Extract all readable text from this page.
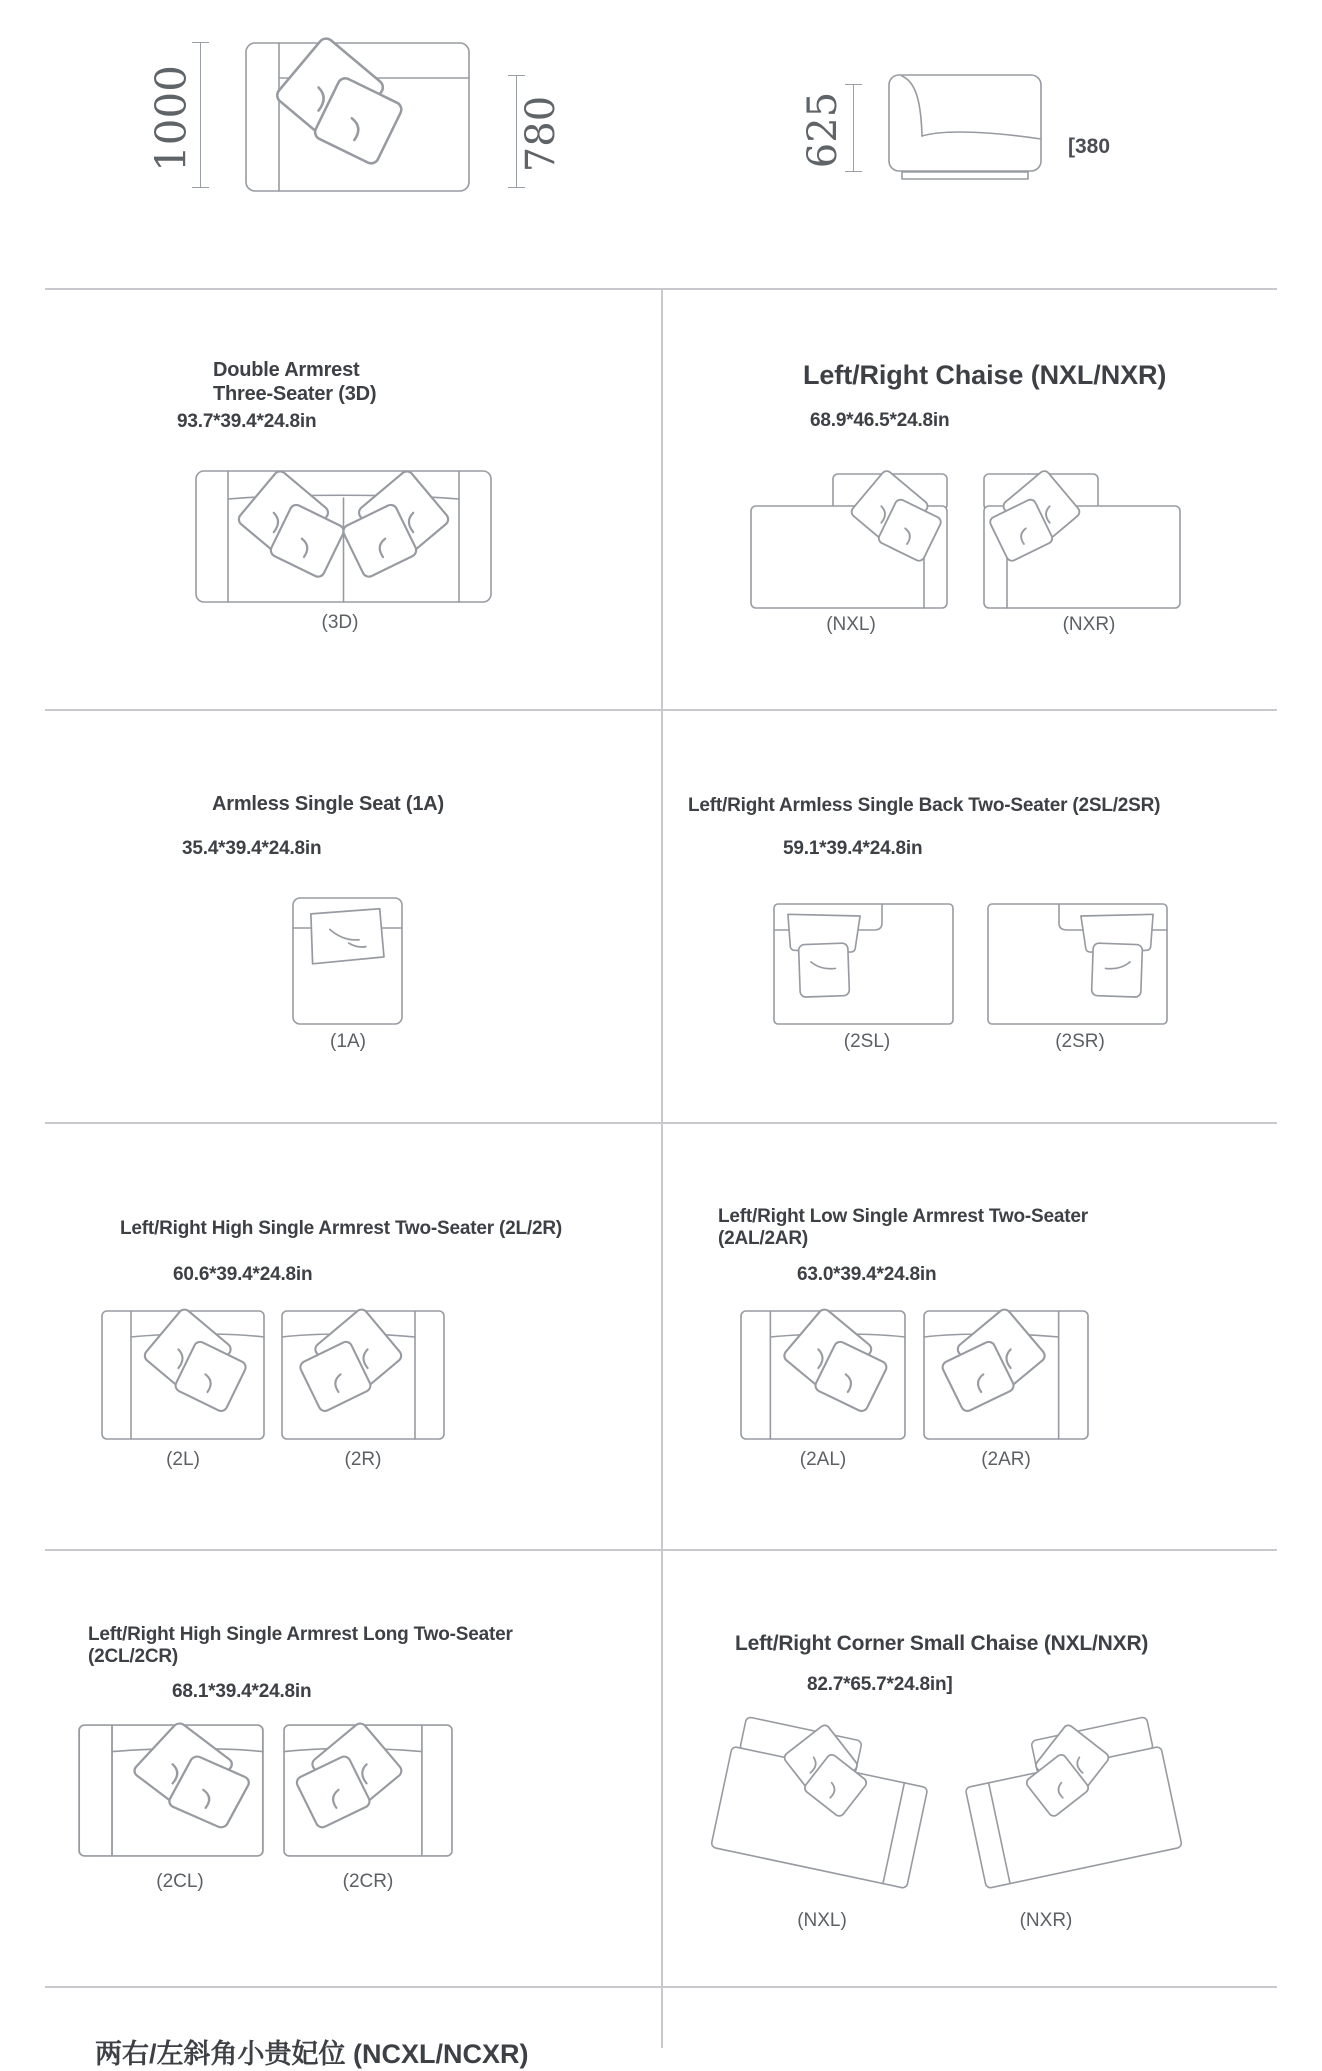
1000	780	625	[380
Double Armrest
Three-Seater (3D)
93.7*39.4*24.8in
(3D)
Left/Right Chaise (NXL/NXR)
68.9*46.5*24.8in
(NXL)	(NXR)
Armless Single Seat (1A)
35.4*39.4*24.8in
(1A)
Left/Right Armless Single Back Two-Seater (2SL/2SR)
59.1*39.4*24.8in
(2SL)	(2SR)
Left/Right High Single Armrest Two-Seater (2L/2R)
60.6*39.4*24.8in
(2L)	(2R)
Left/Right Low Single Armrest Two-Seater
(2AL/2AR)
63.0*39.4*24.8in
(2AL)	(2AR)
Left/Right High Single Armrest Long Two-Seater
(2CL/2CR)
68.1*39.4*24.8in
(2CL)	(2CR)
Left/Right Corner Small Chaise (NXL/NXR)
82.7*65.7*24.8in]
(NXL)	(NXR)
两右/左斜角小贵妃位 (NCXL/NCXR)
